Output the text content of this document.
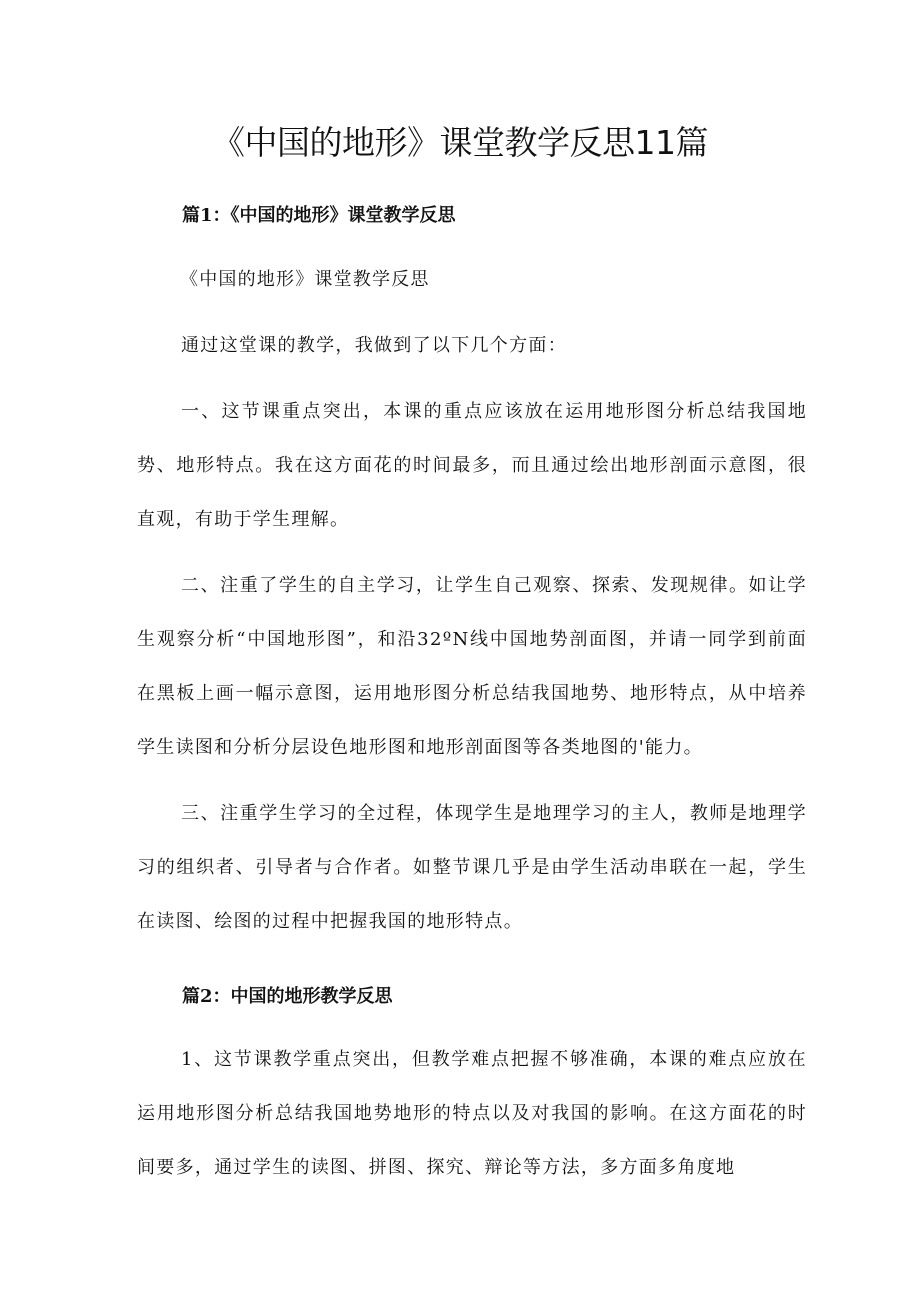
《中国的地形》课堂教学反思11篇
篇1：《中国的地形》课堂教学反思
《中国的地形》课堂教学反思

通过这堂课的教学，我做到了以下几个方面：

一、这节课重点突出，本课的重点应该放在运用地形图分析总结我国地势、地形特点。我在这方面花的时间最多，而且通过绘出地形剖面示意图，很直观，有助于学生理解。

二、注重了学生的自主学习，让学生自己观察、探索、发现规律。如让学生观察分析“中国地形图”，和沿32ºN线中国地势剖面图，并请一同学到前面在黑板上画一幅示意图，运用地形图分析总结我国地势、地形特点，从中培养学生读图和分析分层设色地形图和地形剖面图等各类地图的'能力。

三、注重学生学习的全过程，体现学生是地理学习的主人，教师是地理学习的组织者、引导者与合作者。如整节课几乎是由学生活动串联在一起，学生在读图、绘图的过程中把握我国的地形特点。

篇2：中国的地形教学反思

1、这节课教学重点突出，但教学难点把握不够准确，本课的难点应放在运用地形图分析总结我国地势地形的特点以及对我国的影响。在这方面花的时间要多，通过学生的读图、拼图、探究、辩论等方法，多方面多角度地
